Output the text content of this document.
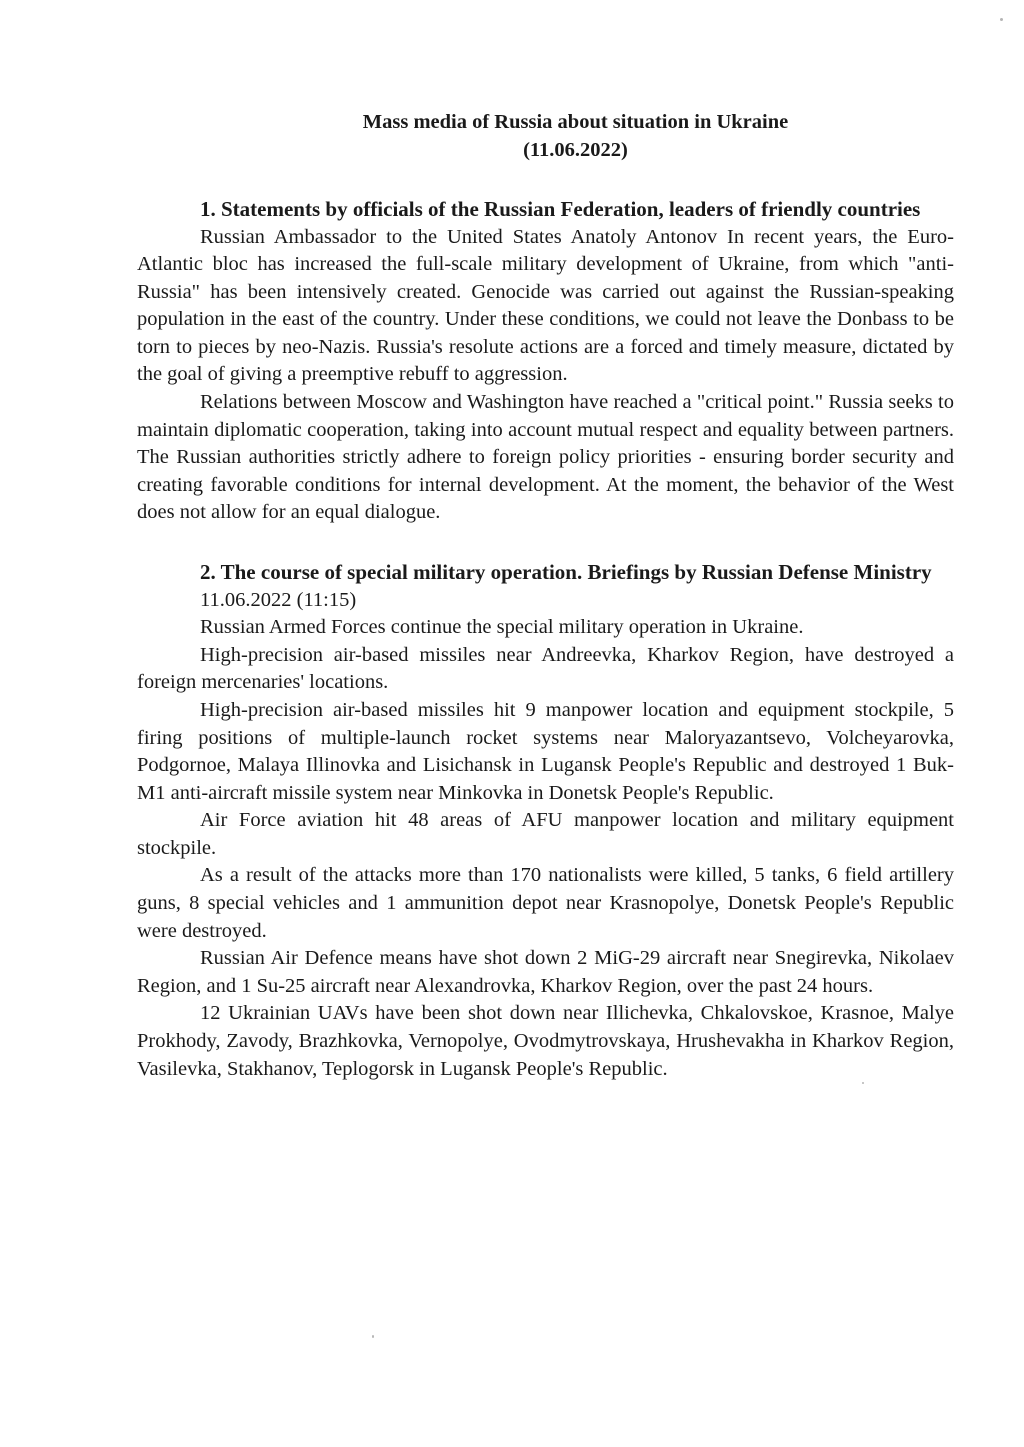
Mass media of Russia about situation in Ukraine
(11.06.2022)

1. Statements by officials of the Russian Federation, leaders of friendly countries

Russian Ambassador to the United States Anatoly Antonov In recent years, the Euro-Atlantic bloc has increased the full-scale military development of Ukraine, from which "anti-Russia" has been intensively created. Genocide was carried out against the Russian-speaking population in the east of the country. Under these conditions, we could not leave the Donbass to be torn to pieces by neo-Nazis. Russia's resolute actions are a forced and timely measure, dictated by the goal of giving a preemptive rebuff to aggression.

Relations between Moscow and Washington have reached a "critical point." Russia seeks to maintain diplomatic cooperation, taking into account mutual respect and equality between partners. The Russian authorities strictly adhere to foreign policy priorities - ensuring border security and creating favorable conditions for internal development. At the moment, the behavior of the West does not allow for an equal dialogue.

2. The course of special military operation. Briefings by Russian Defense Ministry

11.06.2022 (11:15)

Russian Armed Forces continue the special military operation in Ukraine.

High-precision air-based missiles near Andreevka, Kharkov Region, have destroyed a foreign mercenaries' locations.

High-precision air-based missiles hit 9 manpower location and equipment stockpile, 5 firing positions of multiple-launch rocket systems near Maloryazantsevo, Volcheyarovka, Podgornoe, Malaya Illinovka and Lisichansk in Lugansk People's Republic and destroyed 1 Buk-M1 anti-aircraft missile system near Minkovka in Donetsk People's Republic.

Air Force aviation hit 48 areas of AFU manpower location and military equipment stockpile.

As a result of the attacks more than 170 nationalists were killed, 5 tanks, 6 field artillery guns, 8 special vehicles and 1 ammunition depot near Krasnopolye, Donetsk People's Republic were destroyed.

Russian Air Defence means have shot down 2 MiG-29 aircraft near Snegirevka, Nikolaev Region, and 1 Su-25 aircraft near Alexandrovka, Kharkov Region, over the past 24 hours.

12 Ukrainian UAVs have been shot down near Illichevka, Chkalovskoe, Krasnoe, Malye Prokhody, Zavody, Brazhkovka, Vernopolye, Ovodmytrovskaya, Hrushevakha in Kharkov Region, Vasilevka, Stakhanov, Teplogorsk in Lugansk People's Republic.
